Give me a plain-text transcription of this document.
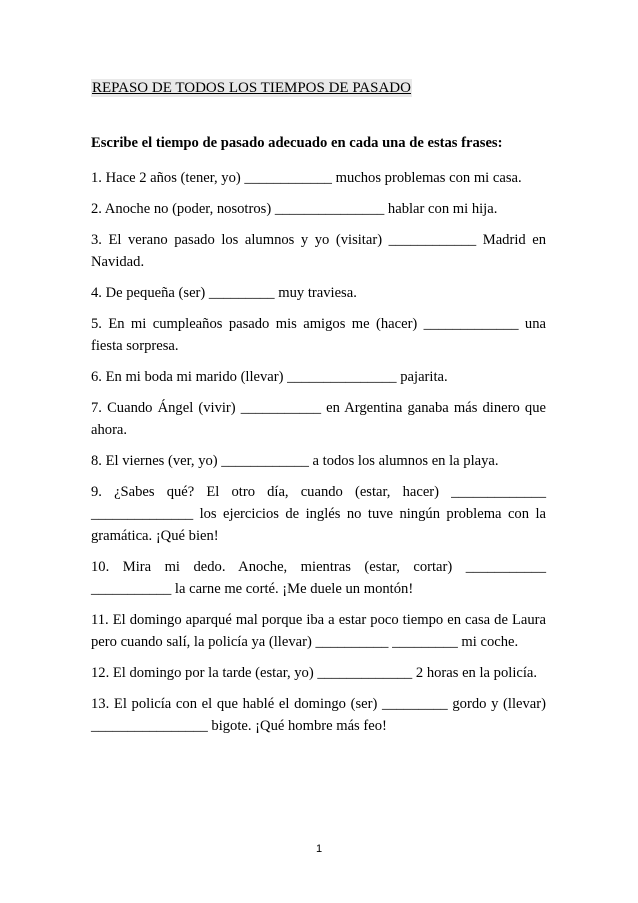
REPASO DE TODOS LOS TIEMPOS DE PASADO
Escribe el tiempo de pasado adecuado en cada una de estas frases:

1. Hace 2 años (tener, yo) ____________ muchos problemas con mi casa.

2. Anoche no (poder, nosotros) _______________ hablar con mi hija.

3. El verano pasado los alumnos y yo (visitar) ____________ Madrid en Navidad.

4. De pequeña (ser) _________ muy traviesa.

5. En mi cumpleaños pasado mis amigos me (hacer) _____________ una fiesta sorpresa.

6. En mi boda mi marido (llevar) _______________ pajarita.

7. Cuando Ángel (vivir) ___________ en Argentina ganaba más dinero que ahora.

8. El viernes (ver, yo) ____________ a todos los alumnos en la playa.

9. ¿Sabes qué? El otro día, cuando (estar, hacer) _____________ ______________ los ejercicios de inglés no tuve ningún problema con la gramática. ¡Qué bien!

10. Mira mi dedo. Anoche, mientras (estar, cortar) ___________ ___________ la carne me corté. ¡Me duele un montón!

11. El domingo aparqué mal porque iba a estar poco tiempo en casa de Laura pero cuando salí, la policía ya (llevar) __________ _________ mi coche.

12. El domingo por la tarde (estar, yo) _____________ 2 horas en la policía.

13. El policía con el que hablé el domingo (ser) _________ gordo y (llevar) ________________ bigote. ¡Qué hombre más feo!

1
